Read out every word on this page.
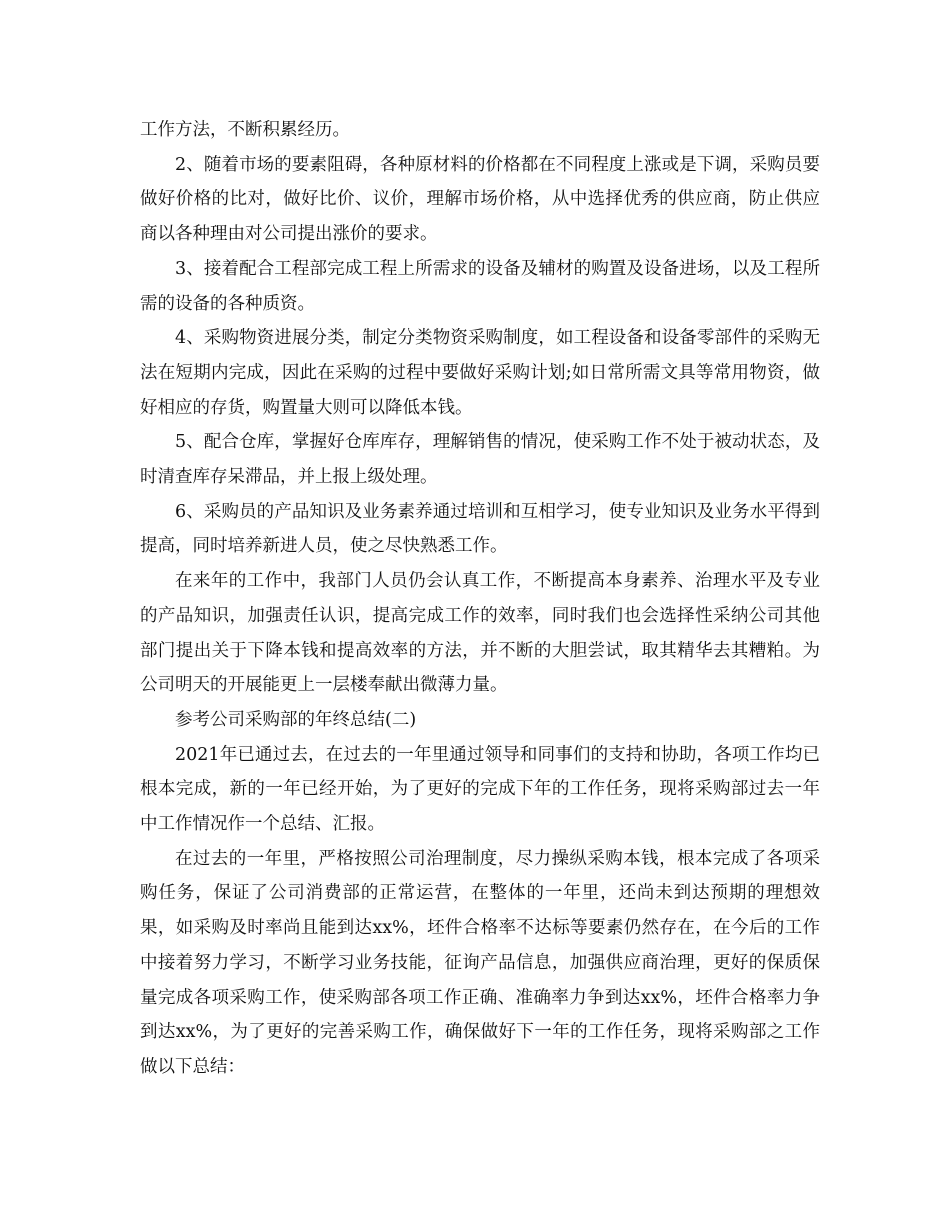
工作方法，不断积累经历。

2、随着市场的要素阻碍，各种原材料的价格都在不同程度上涨或是下调，采购员要做好价格的比对，做好比价、议价，理解市场价格，从中选择优秀的供应商，防止供应商以各种理由对公司提出涨价的要求。

3、接着配合工程部完成工程上所需求的设备及辅材的购置及设备进场，以及工程所需的设备的各种质资。

4、采购物资进展分类，制定分类物资采购制度，如工程设备和设备零部件的采购无法在短期内完成，因此在采购的过程中要做好采购计划;如日常所需文具等常用物资，做好相应的存货，购置量大则可以降低本钱。

5、配合仓库，掌握好仓库库存，理解销售的情况，使采购工作不处于被动状态，及时清查库存呆滞品，并上报上级处理。

6、采购员的产品知识及业务素养通过培训和互相学习，使专业知识及业务水平得到提高，同时培养新进人员，使之尽快熟悉工作。

在来年的工作中，我部门人员仍会认真工作，不断提高本身素养、治理水平及专业的产品知识，加强责任认识，提高完成工作的效率，同时我们也会选择性采纳公司其他部门提出关于下降本钱和提高效率的方法，并不断的大胆尝试，取其精华去其糟粕。为公司明天的开展能更上一层楼奉献出微薄力量。

参考公司采购部的年终总结(二)

2021年已通过去，在过去的一年里通过领导和同事们的支持和协助，各项工作均已根本完成，新的一年已经开始，为了更好的完成下年的工作任务，现将采购部过去一年中工作情况作一个总结、汇报。

在过去的一年里，严格按照公司治理制度，尽力操纵采购本钱，根本完成了各项采购任务，保证了公司消费部的正常运营，在整体的一年里，还尚未到达预期的理想效果，如采购及时率尚且能到达xx%，坯件合格率不达标等要素仍然存在，在今后的工作中接着努力学习，不断学习业务技能，征询产品信息，加强供应商治理，更好的保质保量完成各项采购工作，使采购部各项工作正确、准确率力争到达xx%，坯件合格率力争到达xx%，为了更好的完善采购工作，确保做好下一年的工作任务，现将采购部之工作做以下总结：
